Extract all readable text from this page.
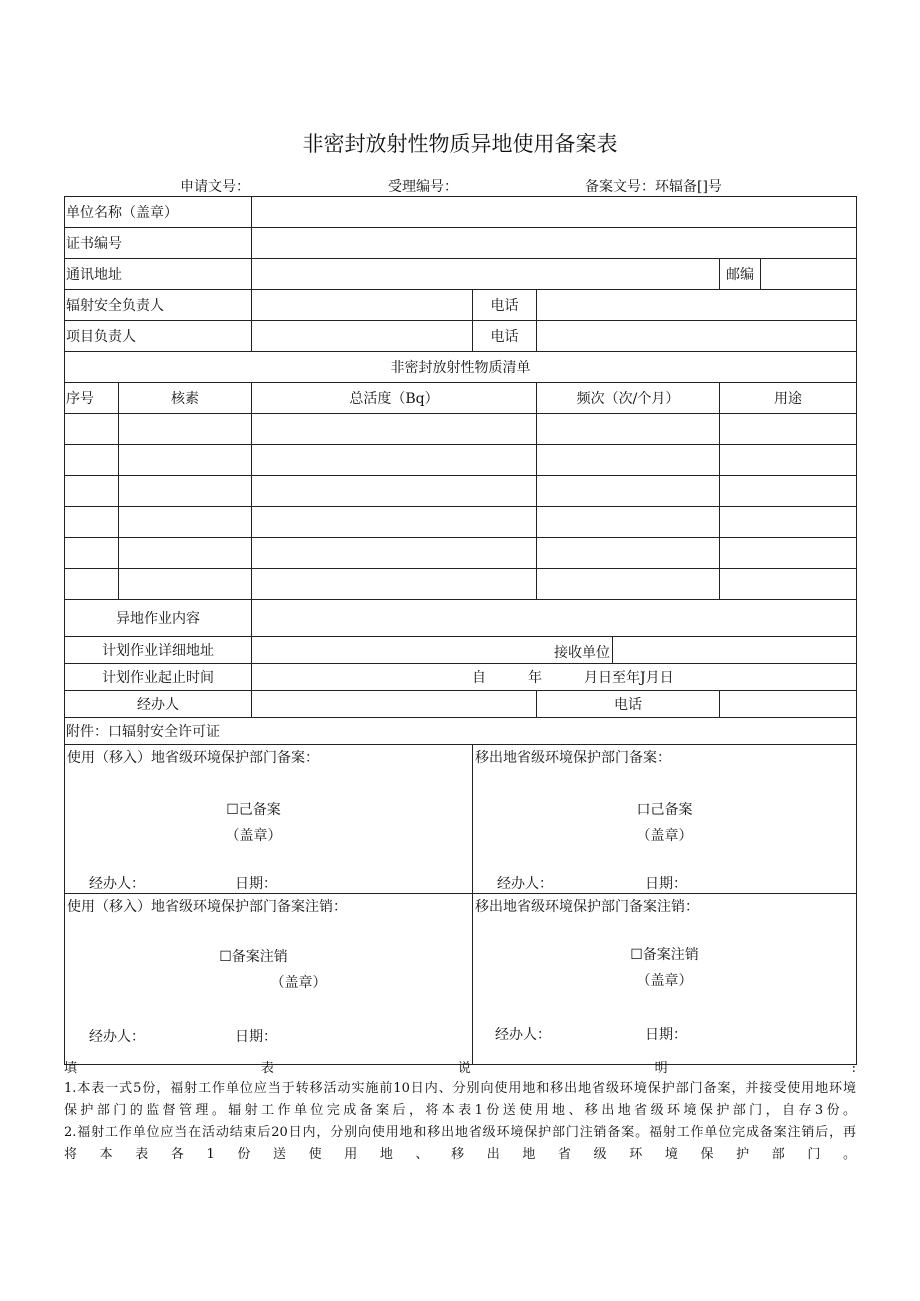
非密封放射性物质异地使用备案表
申请文号：	受理编号：	备案文号：环辐备[]号
单位名称（盖章）							
证书编号							
通讯地址						邮编	
辐射安全负责人			电话				
项目负责人			电话				
非密封放射性物质清单							
序号	核素	总活度（Bq）		频次（次/个月）		用途	

异地作业内容							
计划作业详细地址		接收单位					

计划作业起止时间		自　　　年　　　月日至年J月日					
经办人				电话			
附件：口辐射安全许可证							

使用（移入）地省级环境保护部门备案：
☐己备案
（盖章）
经办人： 日期：			移出地省级环境保护部门备案：
口己备案
（盖章）
经办人： 日期：				

使用（移入）地省级环境保护部门备案注销：
☐备案注销
（盖章）
经办人： 日期：			移出地省级环境保护部门备案注销：
☐备案注销
（盖章）
经办人： 日期：				
填	表	说	明	:
1.本表一式5份，福射工作单位应当于转移活动实施前10日内、分别向使用地和移出地省级环境保护部门备案，并接受使用地环境
保护部门的监督管理。辐射工作单位完成备案后，将本表1份送使用地、移出地省级环境保护部门，自存3份。
2.福射工作单位应当在活动结束后20日内，分别向使用地和移出地省级环境保护部门注销备案。福射工作单位完成备案注销后，再
将本表各1份送使用地、移出地省级环境保护部门。
